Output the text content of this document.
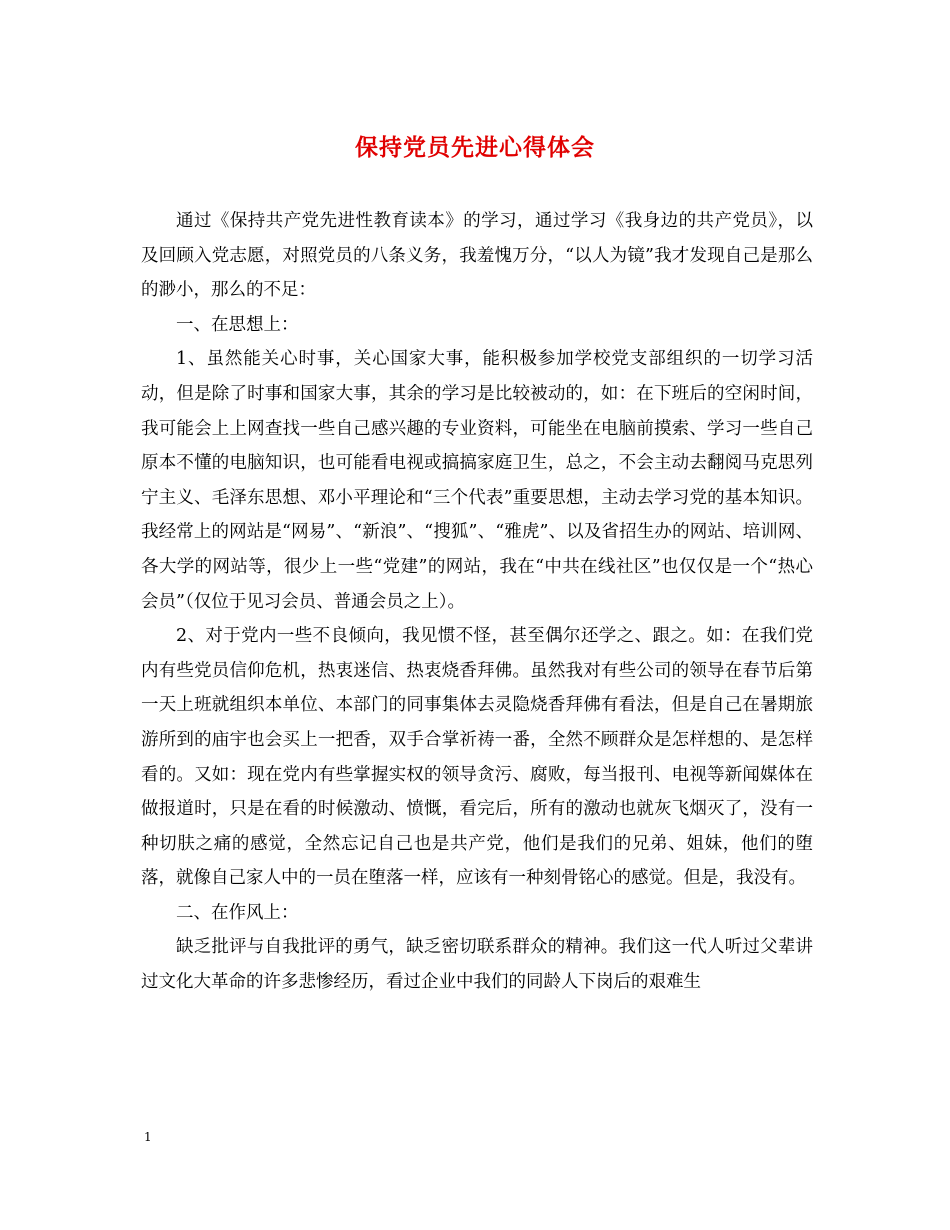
保持党员先进心得体会

通过《保持共产党先进性教育读本》的学习，通过学习《我身边的共产党员》，以及回顾入党志愿，对照党员的八条义务，我羞愧万分，“以人为镜”我才发现自己是那么的渺小，那么的不足：

一、在思想上：

1、虽然能关心时事，关心国家大事，能积极参加学校党支部组织的一切学习活动，但是除了时事和国家大事，其余的学习是比较被动的，如：在下班后的空闲时间，我可能会上上网查找一些自己感兴趣的专业资料，可能坐在电脑前摸索、学习一些自己原本不懂的电脑知识，也可能看电视或搞搞家庭卫生，总之，不会主动去翻阅马克思列宁主义、毛泽东思想、邓小平理论和“三个代表”重要思想，主动去学习党的基本知识。我经常上的网站是“网易”、“新浪”、“搜狐”、“雅虎”、以及省招生办的网站、培训网、各大学的网站等，很少上一些“党建”的网站，我在“中共在线社区”也仅仅是一个“热心会员”（仅位于见习会员、普通会员之上）。

2、对于党内一些不良倾向，我见惯不怪，甚至偶尔还学之、跟之。如：在我们党内有些党员信仰危机，热衷迷信、热衷烧香拜佛。虽然我对有些公司的领导在春节后第一天上班就组织本单位、本部门的同事集体去灵隐烧香拜佛有看法，但是自己在暑期旅游所到的庙宇也会买上一把香，双手合掌祈祷一番，全然不顾群众是怎样想的、是怎样看的。又如：现在党内有些掌握实权的领导贪污、腐败，每当报刊、电视等新闻媒体在做报道时，只是在看的时候激动、愤慨，看完后，所有的激动也就灰飞烟灭了，没有一种切肤之痛的感觉，全然忘记自己也是共产党，他们是我们的兄弟、姐妹，他们的堕落，就像自己家人中的一员在堕落一样，应该有一种刻骨铭心的感觉。但是，我没有。

二、在作风上：

缺乏批评与自我批评的勇气，缺乏密切联系群众的精神。我们这一代人听过父辈讲过文化大革命的许多悲惨经历，看过企业中我们的同龄人下岗后的艰难生

1
